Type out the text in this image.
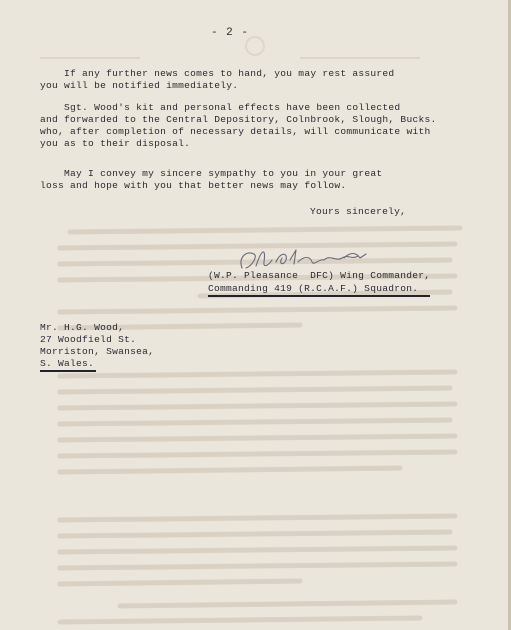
- 2 -
If any further news comes to hand, you may rest assured
you will be notified immediately.
Sgt. Wood's kit and personal effects have been collected
and forwarded to the Central Depository, Colnbrook, Slough, Bucks.
who, after completion of necessary details, will communicate with
you as to their disposal.
May I convey my sincere sympathy to you in your great
loss and hope with you that better news may follow.
Yours sincerely,
(W.P. Pleasance  DFC) Wing Commander,
Commanding 419 (R.C.A.F.) Squadron.
Mr. H.G. Wood,
27 Woodfield St.
Morriston, Swansea,
S. Wales.
